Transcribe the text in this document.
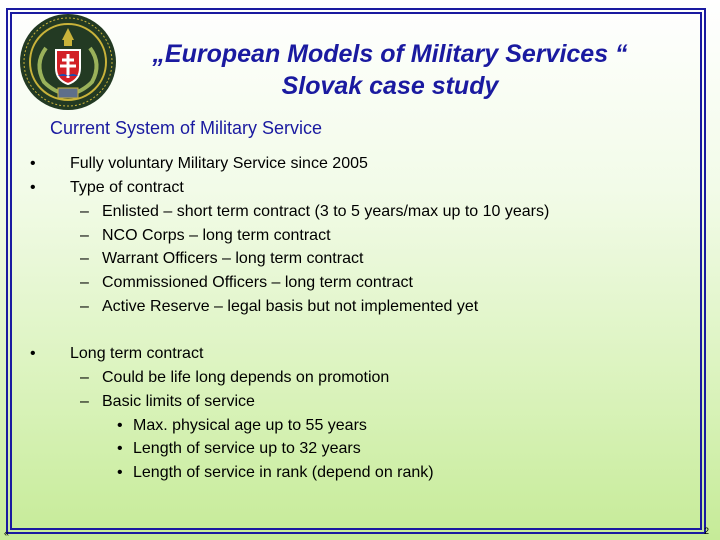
„European Models of Military Services “
Slovak case study
Current System of Military Service
• Fully voluntary Military Service since 2005
• Type of contract
– Enlisted – short term contract (3 to 5 years/max up to 10 years)
– NCO Corps – long term contract
– Warrant Officers – long term contract
– Commissioned Officers – long term contract
– Active Reserve – legal basis but not implemented yet
• Long term contract
– Could be life long depends on promotion
– Basic limits of service
• Max. physical age up to 55 years
• Length of service up to 32 years
• Length of service in rank (depend on rank)
«	2
